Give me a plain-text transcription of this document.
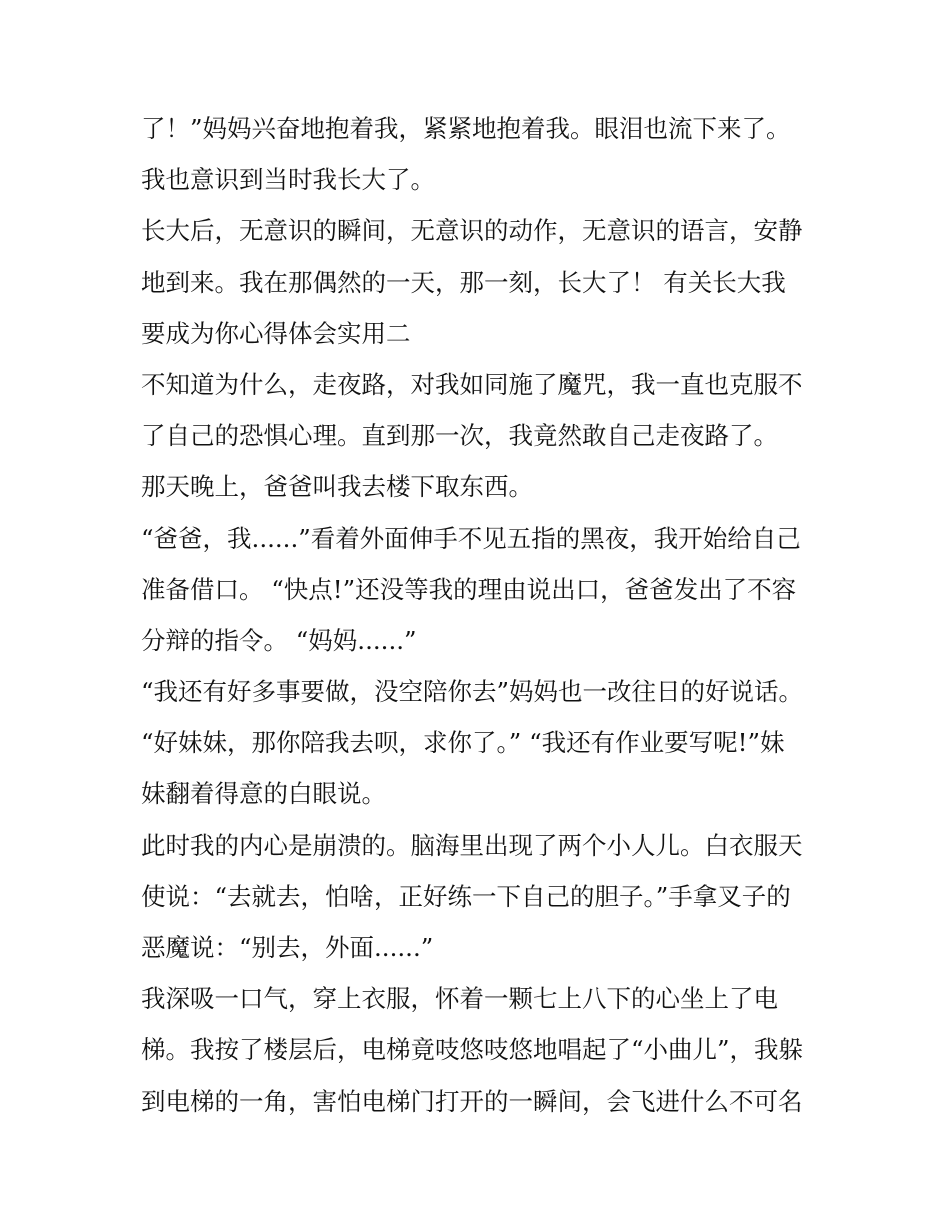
了！”妈妈兴奋地抱着我，紧紧地抱着我。眼泪也流下来了。
我也意识到当时我长大了。
长大后，无意识的瞬间，无意识的动作，无意识的语言，安静
地到来。我在那偶然的一天，那一刻，长大了！ 有关长大我
要成为你心得体会实用二
不知道为什么，走夜路，对我如同施了魔咒，我一直也克服不
了自己的恐惧心理。直到那一次，我竟然敢自己走夜路了。
那天晚上，爸爸叫我去楼下取东西。
“爸爸，我......”看着外面伸手不见五指的黑夜，我开始给自己
准备借口。 “快点!”还没等我的理由说出口，爸爸发出了不容
分辩的指令。 “妈妈......”
“我还有好多事要做，没空陪你去”妈妈也一改往日的好说话。
“好妹妹，那你陪我去呗，求你了。” “我还有作业要写呢!”妹
妹翻着得意的白眼说。
此时我的内心是崩溃的。脑海里出现了两个小人儿。白衣服天
使说：“去就去，怕啥，正好练一下自己的胆子。”手拿叉子的
恶魔说：“别去，外面......”
我深吸一口气，穿上衣服，怀着一颗七上八下的心坐上了电
梯。我按了楼层后，电梯竟吱悠吱悠地唱起了“小曲儿”，我躲
到电梯的一角，害怕电梯门打开的一瞬间，会飞进什么不可名
